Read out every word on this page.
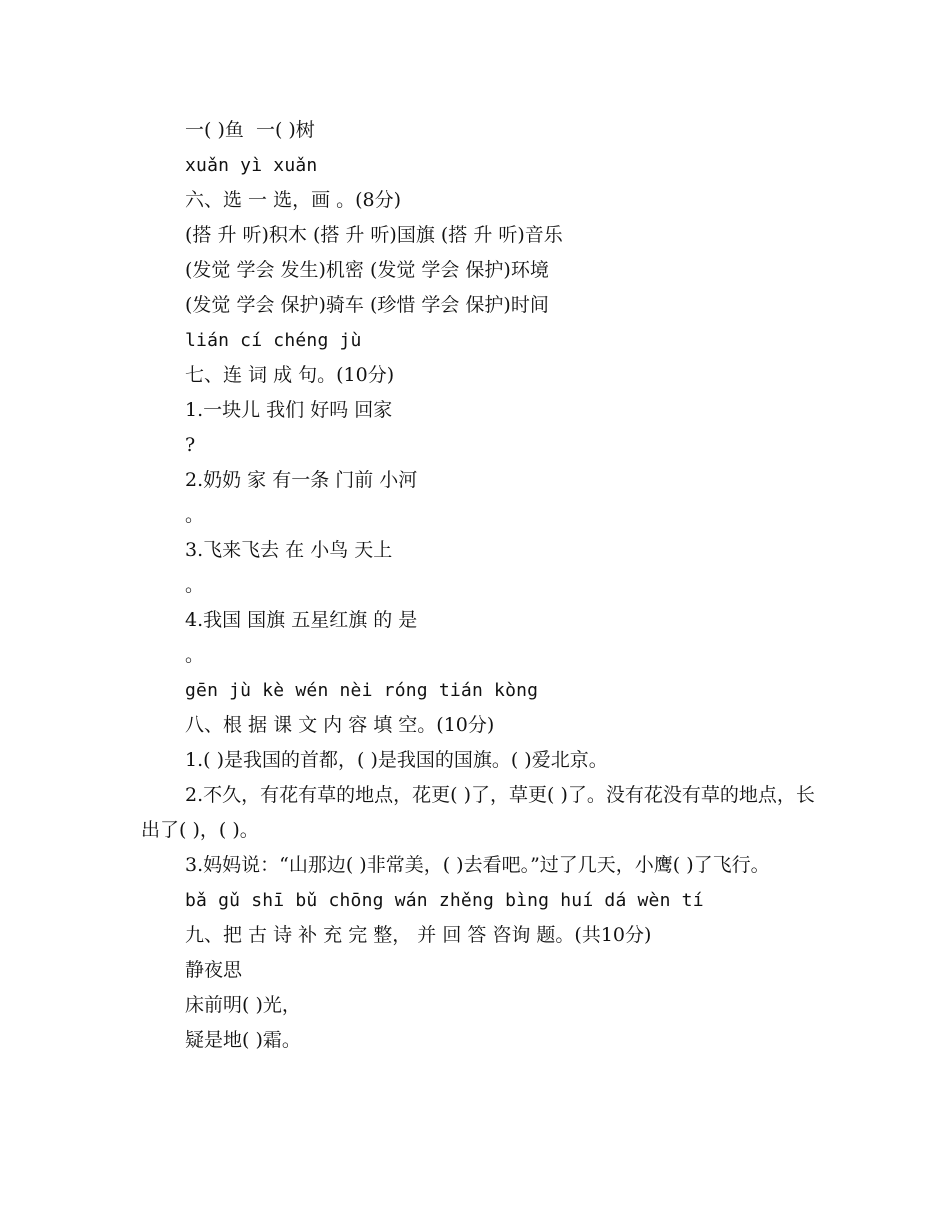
一( )鱼  一( )树
xuǎn yì xuǎn
六、选 一 选，画 。(8分)
(搭 升 听)积木 (搭 升 听)国旗 (搭 升 听)音乐
(发觉 学会 发生)机密 (发觉 学会 保护)环境
(发觉 学会 保护)骑车 (珍惜 学会 保护)时间
lián cí chéng jù
七、连 词 成 句。(10分)
1.一块儿 我们 好吗 回家
?
2.奶奶 家 有一条 门前 小河
。
3.飞来飞去 在 小鸟 天上
。
4.我国 国旗 五星红旗 的 是
。
gēn jù kè wén nèi róng tián kòng
八、根 据 课 文 内 容 填 空。(10分)
1.( )是我国的首都，( )是我国的国旗。( )爱北京。
2.不久，有花有草的地点，花更( )了，草更( )了。没有花没有草的地点，长出了( )，( )。
3.妈妈说：“山那边( )非常美，( )去看吧。”过了几天，小鹰( )了飞行。
bǎ gǔ shī bǔ chōng wán zhěng bìng huí dá wèn tí
九、把 古 诗 补 充 完 整， 并 回 答 咨询 题。(共10分)
静夜思
床前明( )光，
疑是地( )霜。
